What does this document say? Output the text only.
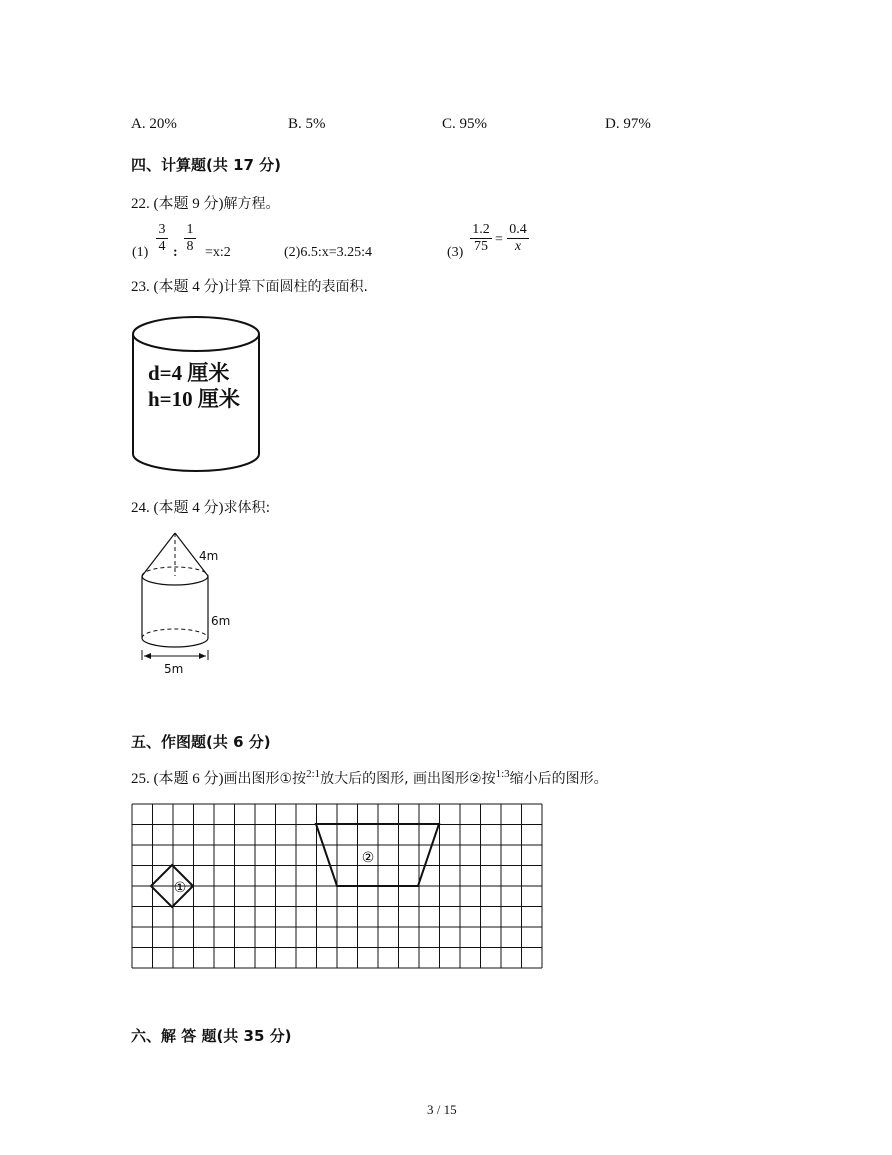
A. 20%	B. 5%	C. 95%	D. 97%
四、计算题(共 17 分)
22. (本题 9 分)解方程。
$(1) \frac{3}{4}$ : $\frac{1}{8}$ =x:2	(2)6.5:x=3.25:4	$(3) \frac{1.2}{75} = \frac{0.4}{x}$
23. (本题 4 分)计算下面圆柱的表面积.
d=4 厘米
h=10 厘米
24. (本题 4 分)求体积:
4m
6m
5m
五、作图题(共 6 分)
25. (本题 6 分)画出图形①按$^{2:1}$放大后的图形, 画出图形②按$^{1:3}$缩小后的图形。
①
②
六、解 答 题(共 35 分)
3 / 15
